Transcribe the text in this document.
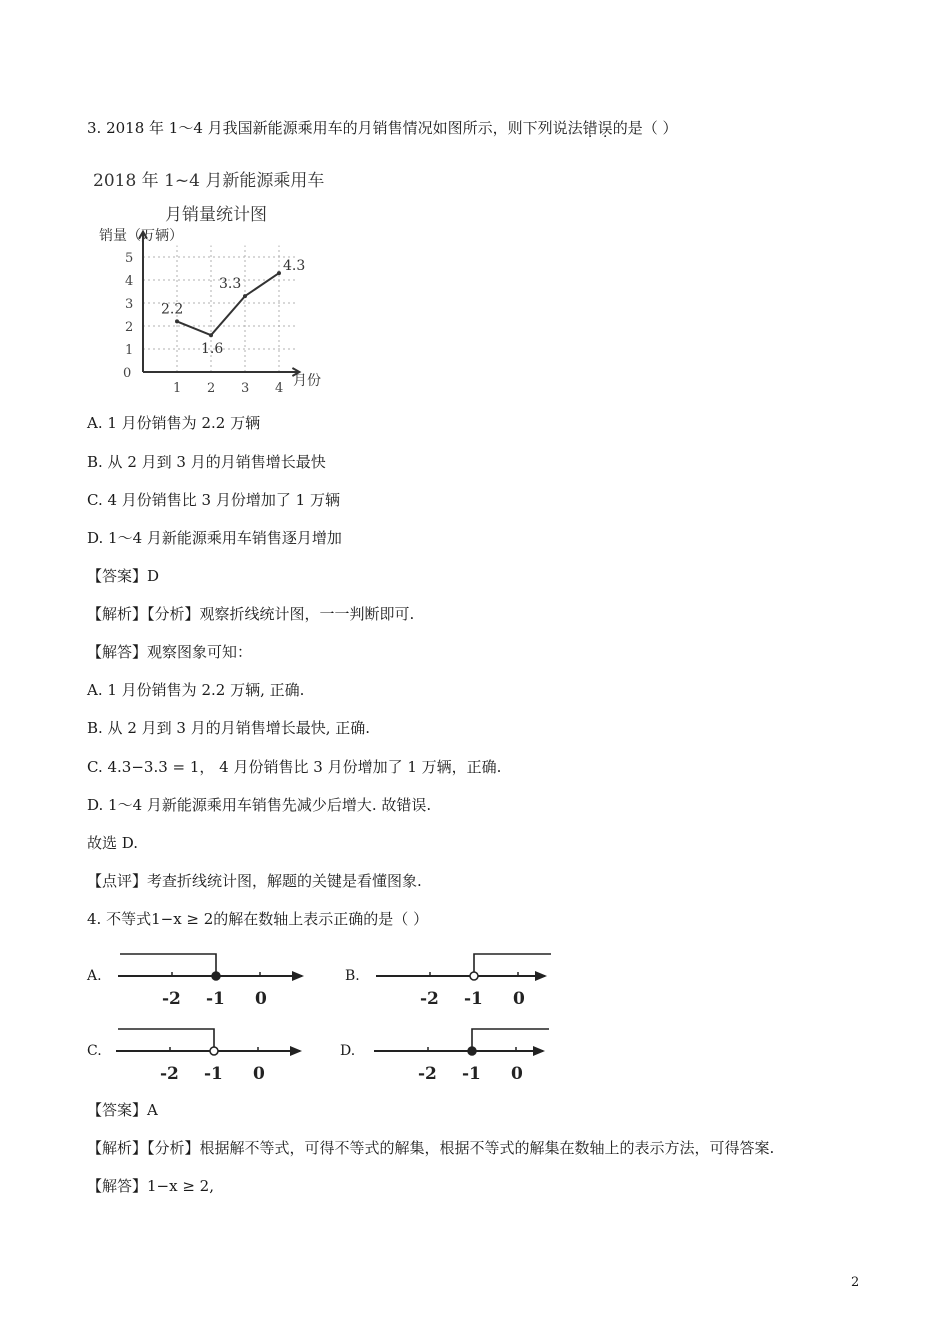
3. 2018 年 1～4 月我国新能源乘用车的月销售情况如图所示，则下列说法错误的是（ ）
2018 年 1~4 月新能源乘用车
月销量统计图
销量（万辆）
月份
0
1
2
3
4
5
1 2 3 4
2.2
1.6
3.3
4.3
A. 1 月份销售为 2.2 万辆
B. 从 2 月到 3 月的月销售增长最快
C. 4 月份销售比 3 月份增加了 1 万辆
D. 1～4 月新能源乘用车销售逐月增加
【答案】D
【解析】【分析】观察折线统计图，一一判断即可.
【解答】观察图象可知：
A. 1 月份销售为 2.2 万辆, 正确.
B. 从 2 月到 3 月的月销售增长最快, 正确.
C. 4.3−3.3 = 1， 4 月份销售比 3 月份增加了 1 万辆，正确.
D. 1～4 月新能源乘用车销售先减少后增大. 故错误.
故选 D.
【点评】考查折线统计图，解题的关键是看懂图象.
4. 不等式1−x ≥ 2的解在数轴上表示正确的是（ ）
A.
-2 -1 0
B.
-2 -1 0
C.
-2 -1 0
D.
-2 -1 0
【答案】A
【解析】【分析】根据解不等式，可得不等式的解集，根据不等式的解集在数轴上的表示方法，可得答案.
【解答】1−x ≥ 2,
2
